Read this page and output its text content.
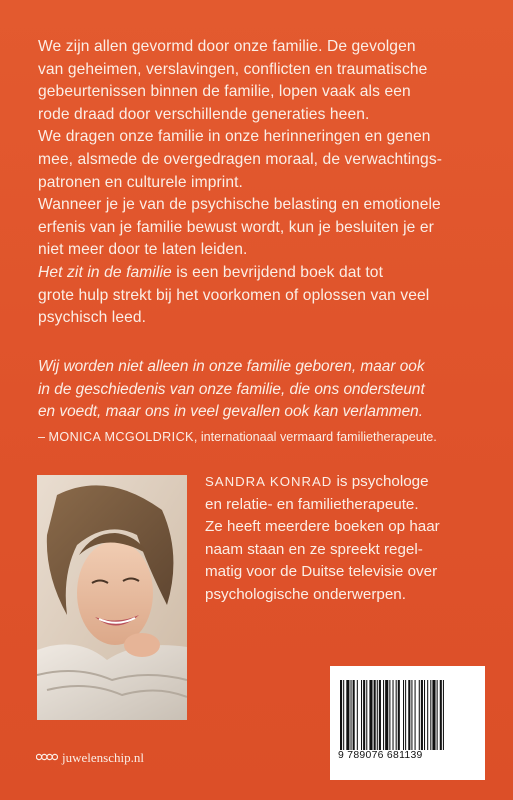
We zijn allen gevormd door onze familie. De gevolgen

van geheimen, verslavingen, conflicten en traumatische

gebeurtenissen binnen de familie, lopen vaak als een

rode draad door verschillende generaties heen.

We dragen onze familie in onze herinneringen en genen

mee, alsmede de overgedragen moraal, de verwachtings-

patronen en culturele imprint.

Wanneer je je van de psychische belasting en emotionele

erfenis van je familie bewust wordt, kun je besluiten je er

niet meer door te laten leiden.

Het zit in de familie is een bevrijdend boek dat tot

grote hulp strekt bij het voorkomen of oplossen van veel

psychisch leed.

Wij worden niet alleen in onze familie geboren, maar ook

in de geschiedenis van onze familie, die ons ondersteunt

en voedt, maar ons in veel gevallen ook kan verlammen.

– MONICA MCGOLDRICK, internationaal vermaard familietherapeute.

SANDRA KONRAD is psychologe

en relatie- en familietherapeute.

Ze heeft meerdere boeken op haar

naam staan en ze spreekt regel-

matig voor de Duitse televisie over

psychologische onderwerpen.

9 789076 681139
juwelenschip.nl
